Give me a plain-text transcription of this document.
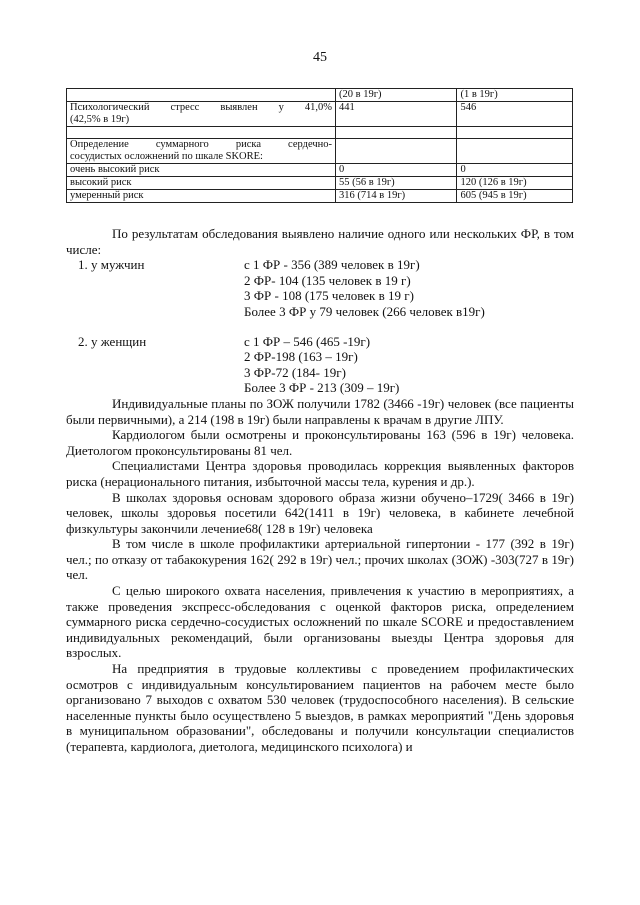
45
	(20 в 19г)	(1 в 19г)

Психологический стресс выявлен у 41,0%
(42,5% в 19г)	441	546

Определение суммарного риска сердечно-
сосудистых осложнений по шкале SKORE:		

очень высокий риск	0	0
высокий риск	55 (56 в 19г)	120 (126 в 19г)
умеренный риск	316 (714 в 19г)	605 (945 в 19г)

По результатам обследования выявлено наличие одного или нескольких ФР, в том числе:

1. у мужчин	с 1 ФР - 356 (389 человек в 19г)
2 ФР- 104 (135 человек в 19 г)
3 ФР - 108 (175 человек в 19 г)
Более 3 ФР у 79 человек (266 человек в19г)
2. у женщин	с 1 ФР – 546 (465 -19г)
2 ФР-198 (163 – 19г)
3 ФР-72 (184- 19г)
Более 3 ФР - 213 (309 – 19г)

Индивидуальные планы по ЗОЖ получили 1782 (3466 -19г) человек (все пациенты были первичными), а 214 (198 в 19г) были направлены к врачам в другие ЛПУ.

Кардиологом были осмотрены и проконсультированы 163 (596 в 19г) человека. Диетологом проконсультированы 81 чел.

Специалистами Центра здоровья проводилась коррекция выявленных факторов риска (нерационального питания, избыточной массы тела, курения и др.).

В школах здоровья основам здорового образа жизни обучено–1729( 3466 в 19г) человек, школы здоровья посетили 642(1411 в 19г) человека, в кабинете лечебной физкультуры закончили лечение68( 128 в 19г) человека

В том числе в школе профилактики артериальной гипертонии - 177 (392 в 19г) чел.; по отказу от табакокурения 162( 292 в 19г) чел.; прочих школах (ЗОЖ) -303(727 в 19г) чел.

С целью широкого охвата населения, привлечения к участию в мероприятиях, а также проведения экспресс-обследования с оценкой факторов риска, определением суммарного риска сердечно-сосудистых осложнений по шкале SCORE и предоставлением индивидуальных рекомендаций, были организованы выезды Центра здоровья для взрослых.

На предприятия в трудовые коллективы с проведением профилактических осмотров с индивидуальным консультированием пациентов на рабочем месте было организовано 7 выходов с охватом 530 человек (трудоспособного населения). В сельские населенные пункты было осуществлено 5 выездов, в рамках мероприятий "День здоровья в муниципальном образовании", обследованы и получили консультации специалистов (терапевта, кардиолога, диетолога, медицинского психолога) и
